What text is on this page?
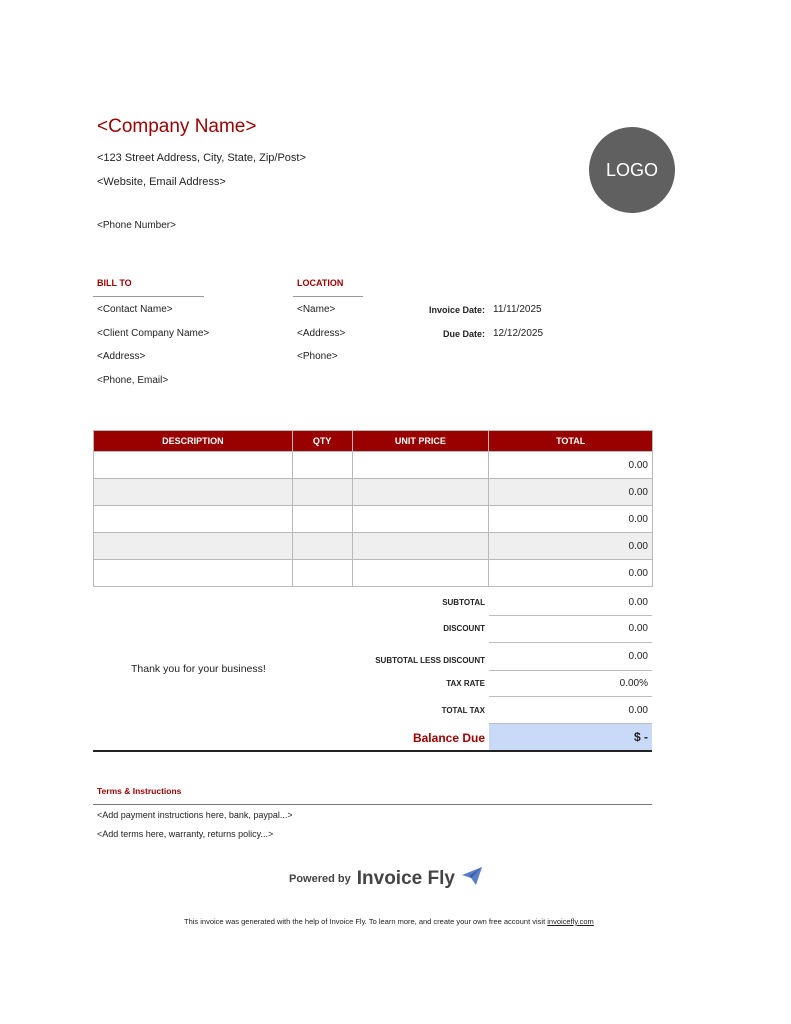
<Company Name>
<123 Street Address, City, State, Zip/Post>
<Website, Email Address>
<Phone Number>
LOGO
BILL TO
<Contact Name>
<Client Company Name>
<Address>
<Phone, Email>
LOCATION
<Name>
<Address>
<Phone>
Invoice Date: 11/11/2025
Due Date: 12/12/2025
DESCRIPTION	QTY	UNIT PRICE	TOTAL
			0.00
			0.00
			0.00
			0.00
			0.00
Thank you for your business!
SUBTOTAL	0.00
DISCOUNT	0.00
SUBTOTAL LESS DISCOUNT	0.00
TAX RATE	0.00%
TOTAL TAX	0.00
Balance Due	$ -
Terms & Instructions
<Add payment instructions here, bank, paypal...>
<Add terms here, warranty, returns policy...>
Powered by Invoice Fly
This invoice was generated with the help of Invoice Fly. To learn more, and create your own free account visit invoicefly.com
